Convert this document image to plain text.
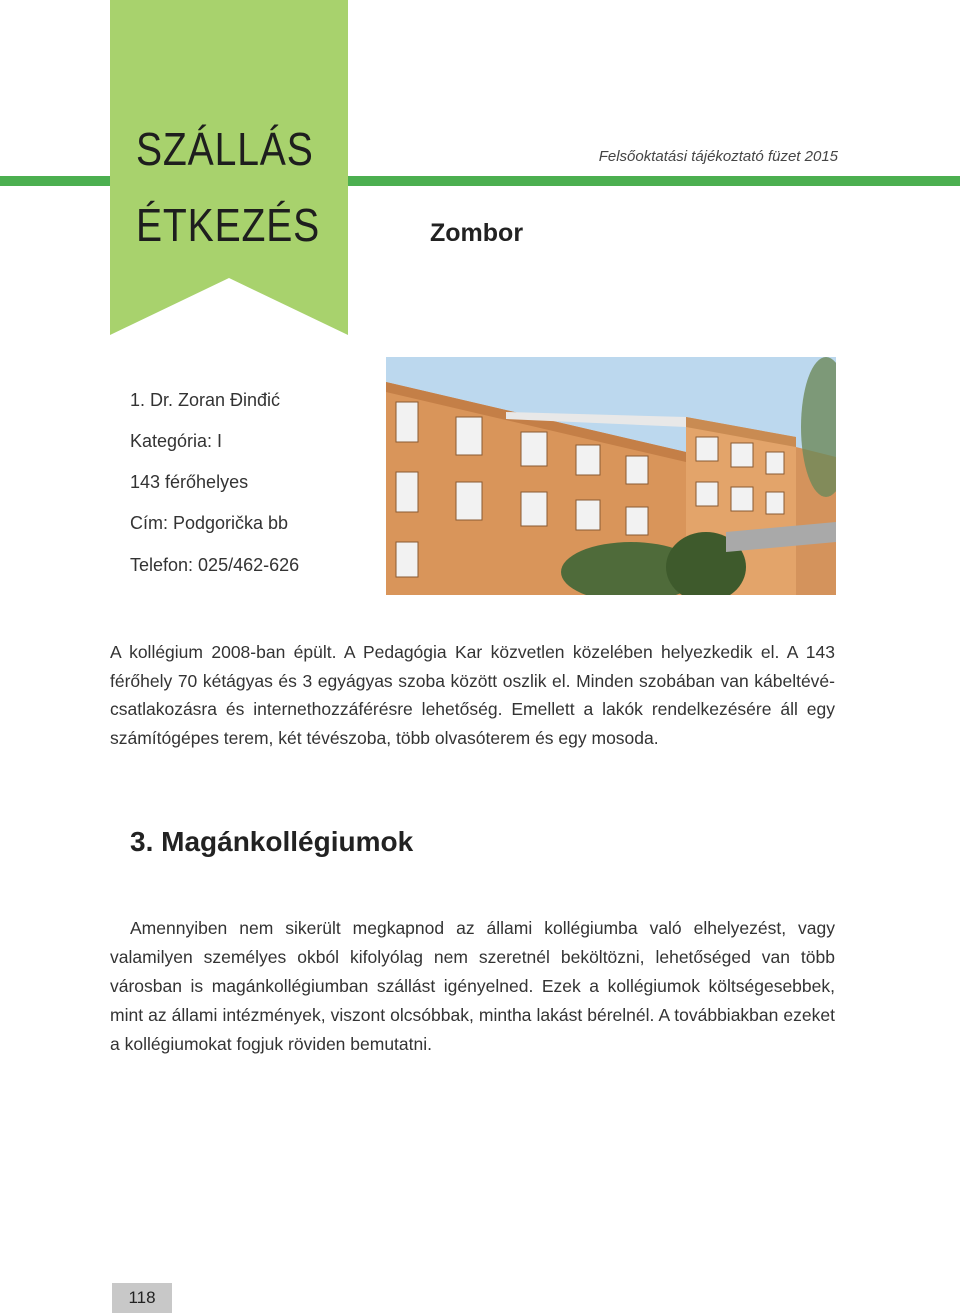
SZÁLLÁS
ÉTKEZÉS
Felsőoktatási tájékoztató füzet 2015
Zombor
1. Dr. Zoran Đinđić
Kategória: I
143 férőhelyes
Cím: Podgorička bb
Telefon: 025/462-626

A kollégium 2008-ban épült. A Pedagógia Kar közvetlen közelében helyezkedik el. A 143 férőhely 70 kétágyas és 3 egyágyas szoba között oszlik el. Minden szobában van kábeltévé-csatlakozásra és internethozzáférésre lehetőség. Emellett a lakók rendelkezésére áll egy számítógépes terem, két tévészoba, több olvasóterem és egy mosoda.

3. Magánkollégiumok

Amennyiben nem sikerült megkapnod az állami kollégiumba való elhelyezést, vagy valamilyen személyes okból kifolyólag nem szeretnél beköltözni, lehetőséged van több városban is magánkollégiumban szállást igényelned. Ezek a kollégiumok költségesebbek, mint az állami intézmények, viszont olcsóbbak, mintha lakást bérelnél. A továbbiakban ezeket a kollégiumokat fogjuk röviden bemutatni.

118
